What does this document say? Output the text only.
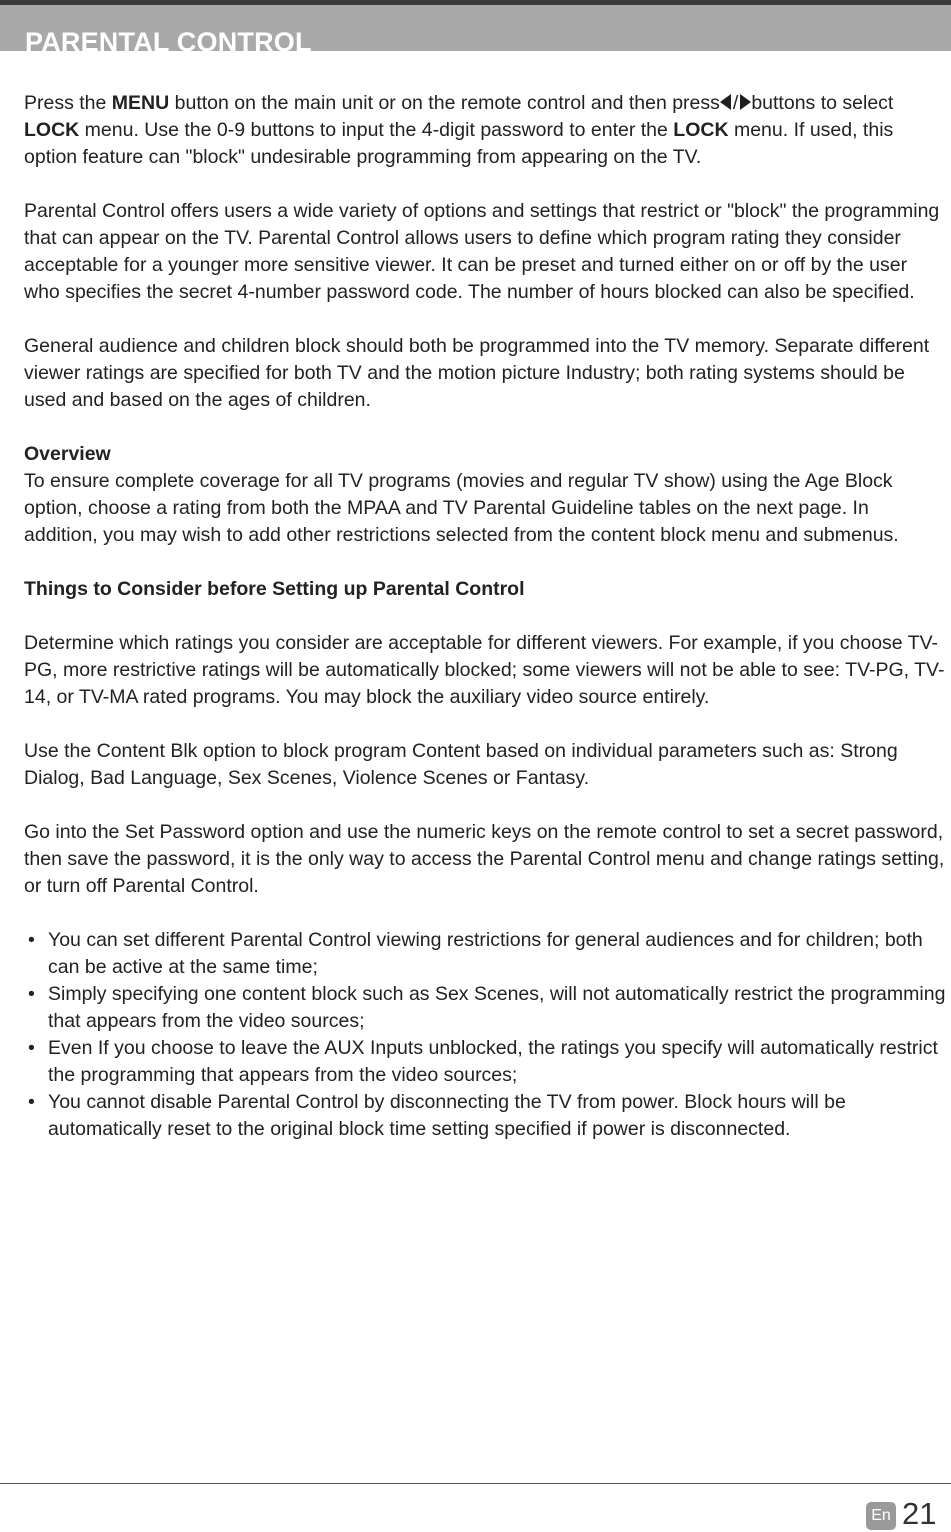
PARENTAL CONTROL

Press the MENU button on the main unit or on the remote control and then press / buttons to select LOCK menu. Use the 0-9 buttons to input the 4-digit password to enter the LOCK menu. If used, this option feature can "block" undesirable programming from appearing on the TV.

Parental Control offers users a wide variety of options and settings that restrict or "block" the programming that can appear on the TV. Parental Control allows users to define which program rating they consider acceptable for a younger more sensitive viewer. It can be preset and turned either on or off by the user who specifies the secret 4-number password code. The number of hours blocked can also be specified.

General audience and children block should both be programmed into the TV memory. Separate different viewer ratings are specified for both TV and the motion picture Industry; both rating systems should be used and based on the ages of children.

Overview

To ensure complete coverage for all TV programs (movies and regular TV show) using the Age Block option, choose a rating from both the MPAA and TV Parental Guideline tables on the next page. In addition, you may wish to add other restrictions selected from the content block menu and submenus.

Things to Consider before Setting up Parental Control

Determine which ratings you consider are acceptable for different viewers. For example, if you choose TV-PG, more restrictive ratings will be automatically blocked; some viewers will not be able to see: TV-PG, TV-14, or TV-MA rated programs. You may block the auxiliary video source entirely.

Use the Content Blk option to block program Content based on individual parameters such as: Strong Dialog, Bad Language, Sex Scenes, Violence Scenes or Fantasy.

Go into the Set Password option and use the numeric keys on the remote control to set a secret password, then save the password, it is the only way to access the Parental Control menu and change ratings setting, or turn off Parental Control.

• You can set different Parental Control viewing restrictions for general audiences and for children; both can be active at the same time;
• Simply specifying one content block such as Sex Scenes, will not automatically restrict the programming that appears from the video sources;
• Even If you choose to leave the AUX Inputs unblocked, the ratings you specify will automatically restrict the programming that appears from the video sources;
• You cannot disable Parental Control by disconnecting the TV from power. Block hours will be automatically reset to the original block time setting specified if power is disconnected.
En 21
